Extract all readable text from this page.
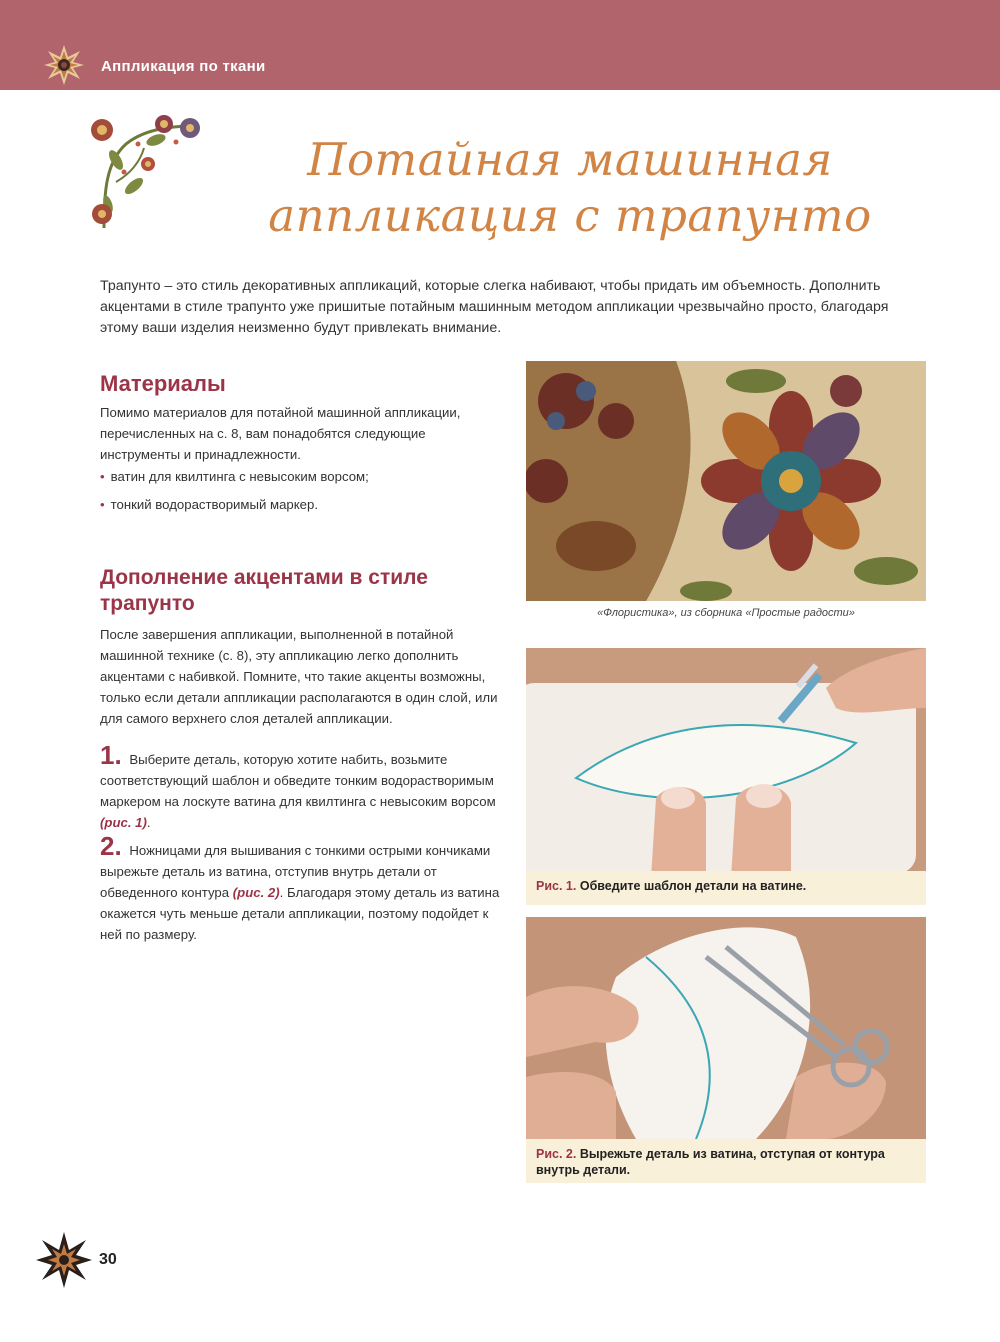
Аппликация по ткани
Потайная машинная
аппликация с трапунто
Трапунто – это стиль декоративных аппликаций, которые слегка набивают, чтобы придать им объемность. Дополнить акцентами в стиле трапунто уже пришитые потайным машинным методом аппликации чрезвычайно просто, благодаря этому ваши изделия неизменно будут привлекать внимание.
Материалы
Помимо материалов для потайной машинной аппликации, перечисленных на с. 8, вам понадобятся следующие инструменты и принадлежности.
• ватин для квилтинга с невысоким ворсом;
• тонкий водорастворимый маркер.
Дополнение акцентами в стиле трапунто
После завершения аппликации, выполненной в потайной машинной технике (с. 8), эту аппликацию легко дополнить акцентами с набивкой. Помните, что такие акценты возможны, только если детали аппликации располагаются в один слой, или для самого верхнего слоя деталей аппликации.
1. Выберите деталь, которую хотите набить, возьмите соответствующий шаблон и обведите тонким водорастворимым маркером на лоскуте ватина для квилтинга с невысоким ворсом (рис. 1).
2. Ножницами для вышивания с тонкими острыми кончиками вырежьте деталь из ватина, отступив внутрь детали от обведенного контура (рис. 2). Благодаря этому деталь из ватина окажется чуть меньше детали аппликации, поэтому подойдет к ней по размеру.
«Флористика», из сборника «Простые радости»
Рис. 1. Обведите шаблон детали на ватине.
Рис. 2. Вырежьте деталь из ватина, отступая от контура внутрь детали.
30
